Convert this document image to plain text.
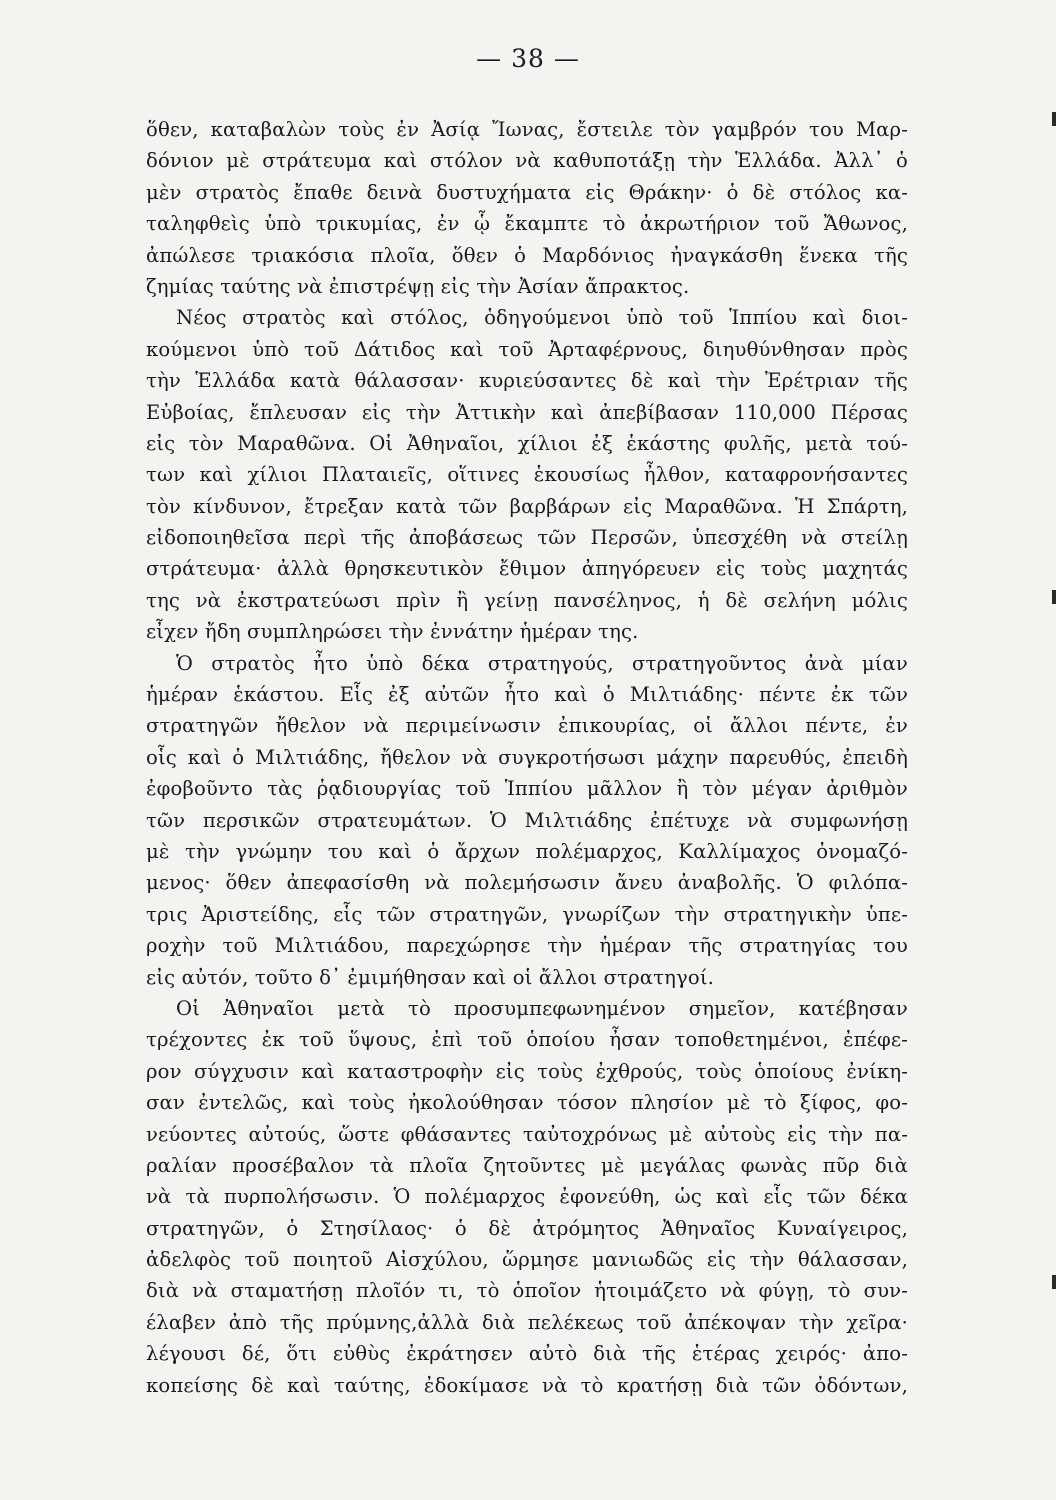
— 38 —
ὅθεν, καταβαλὼν τοὺς ἐν Ἀσίᾳ Ἴωνας, ἔστειλε τὸν γαμβρόν του Μαρ-
δόνιον μὲ στράτευμα καὶ στόλον νὰ καθυποτάξῃ τὴν Ἑλλάδα. Ἀλλ᾽ ὁ
μὲν στρατὸς ἔπαθε δεινὰ δυστυχήματα εἰς Θράκην· ὁ δὲ στόλος κα-
ταληφθεὶς ὑπὸ τρικυμίας, ἐν ᾧ ἔκαμπτε τὸ ἀκρωτήριον τοῦ Ἄθωνος,
ἀπώλεσε τριακόσια πλοῖα, ὅθεν ὁ Μαρδόνιος ἠναγκάσθη ἕνεκα τῆς
ζημίας ταύτης νὰ ἐπιστρέψῃ εἰς τὴν Ἀσίαν ἄπρακτος.
Νέος στρατὸς καὶ στόλος, ὁδηγούμενοι ὑπὸ τοῦ Ἱππίου καὶ διοι-
κούμενοι ὑπὸ τοῦ Δάτιδος καὶ τοῦ Ἀρταφέρνους, διηυθύνθησαν πρὸς
τὴν Ἑλλάδα κατὰ θάλασσαν· κυριεύσαντες δὲ καὶ τὴν Ἐρέτριαν τῆς
Εὐβοίας, ἔπλευσαν εἰς τὴν Ἀττικὴν καὶ ἀπεβίβασαν 110,000 Πέρσας
εἰς τὸν Μαραθῶνα. Οἱ Ἀθηναῖοι, χίλιοι ἐξ ἑκάστης φυλῆς, μετὰ τού-
των καὶ χίλιοι Πλαταιεῖς, οἵτινες ἑκουσίως ἦλθον, καταφρονήσαντες
τὸν κίνδυνον, ἔτρεξαν κατὰ τῶν βαρβάρων εἰς Μαραθῶνα. Ἡ Σπάρτη,
εἰδοποιηθεῖσα περὶ τῆς ἀποβάσεως τῶν Περσῶν, ὑπεσχέθη νὰ στείλῃ
στράτευμα· ἀλλὰ θρησκευτικὸν ἔθιμον ἀπηγόρευεν εἰς τοὺς μαχητάς
της νὰ ἐκστρατεύωσι πρὶν ἢ γείνῃ πανσέληνος, ἡ δὲ σελήνη μόλις
εἶχεν ἤδη συμπληρώσει τὴν ἐννάτην ἡμέραν της.
Ὁ στρατὸς ἦτο ὑπὸ δέκα στρατηγούς, στρατηγοῦντος ἀνὰ μίαν
ἡμέραν ἑκάστου. Εἷς ἐξ αὐτῶν ἦτο καὶ ὁ Μιλτιάδης· πέντε ἐκ τῶν
στρατηγῶν ἤθελον νὰ περιμείνωσιν ἐπικουρίας, οἱ ἄλλοι πέντε, ἐν
οἷς καὶ ὁ Μιλτιάδης, ἤθελον νὰ συγκροτήσωσι μάχην παρευθύς, ἐπειδὴ
ἐφοβοῦντο τὰς ῥᾳδιουργίας τοῦ Ἱππίου μᾶλλον ἢ τὸν μέγαν ἀριθμὸν
τῶν περσικῶν στρατευμάτων. Ὁ Μιλτιάδης ἐπέτυχε νὰ συμφωνήσῃ
μὲ τὴν γνώμην του καὶ ὁ ἄρχων πολέμαρχος, Καλλίμαχος ὀνομαζό-
μενος· ὅθεν ἀπεφασίσθη νὰ πολεμήσωσιν ἄνευ ἀναβολῆς. Ὁ φιλόπα-
τρις Ἀριστείδης, εἷς τῶν στρατηγῶν, γνωρίζων τὴν στρατηγικὴν ὑπε-
ροχὴν τοῦ Μιλτιάδου, παρεχώρησε τὴν ἡμέραν τῆς στρατηγίας του
εἰς αὐτόν, τοῦτο δ᾽ ἐμιμήθησαν καὶ οἱ ἄλλοι στρατηγοί.
Οἱ Ἀθηναῖοι μετὰ τὸ προσυμπεφωνημένον σημεῖον, κατέβησαν
τρέχοντες ἐκ τοῦ ὕψους, ἐπὶ τοῦ ὁποίου ἦσαν τοποθετημένοι, ἐπέφε-
ρον σύγχυσιν καὶ καταστροφὴν εἰς τοὺς ἐχθρούς, τοὺς ὁποίους ἐνίκη-
σαν ἐντελῶς, καὶ τοὺς ἠκολούθησαν τόσον πλησίον μὲ τὸ ξίφος, φο-
νεύοντες αὐτούς, ὥστε φθάσαντες ταὐτοχρόνως μὲ αὐτοὺς εἰς τὴν πα-
ραλίαν προσέβαλον τὰ πλοῖα ζητοῦντες μὲ μεγάλας φωνὰς πῦρ διὰ
νὰ τὰ πυρπολήσωσιν. Ὁ πολέμαρχος ἐφονεύθη, ὡς καὶ εἷς τῶν δέκα
στρατηγῶν, ὁ Στησίλαος· ὁ δὲ ἀτρόμητος Ἀθηναῖος Κυναίγειρος,
ἀδελφὸς τοῦ ποιητοῦ Αἰσχύλου, ὥρμησε μανιωδῶς εἰς τὴν θάλασσαν,
διὰ νὰ σταματήσῃ πλοῖόν τι, τὸ ὁποῖον ἡτοιμάζετο νὰ φύγῃ, τὸ συν-
έλαβεν ἀπὸ τῆς πρύμνης,ἀλλὰ διὰ πελέκεως τοῦ ἀπέκοψαν τὴν χεῖρα·
λέγουσι δέ, ὅτι εὐθὺς ἐκράτησεν αὐτὸ διὰ τῆς ἑτέρας χειρός· ἀπο-
κοπείσης δὲ καὶ ταύτης, ἐδοκίμασε νὰ τὸ κρατήσῃ διὰ τῶν ὀδόντων,
